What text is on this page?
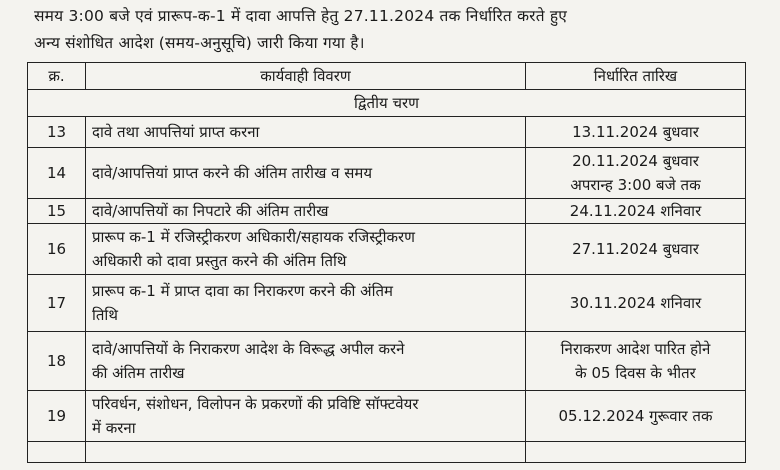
समय 3:00 बजे एवं प्रारूप-क-1 में दावा आपत्ति हेतु 27.11.2024 तक निर्धारित करते हुए
अन्य संशोधित आदेश (समय-अनुसूचि) जारी किया गया है।
क्र.	कार्यवाही विवरण	निर्धारित तारिख
द्वितीय चरण		
13	दावे तथा आपत्तियां प्राप्त करना	13.11.2024 बुधवार

14	दावे/आपत्तियां प्राप्त करने की अंतिम तारीख व समय	20.11.2024 बुधवार
अपरान्ह 3:00 बजे तक

15	दावे/आपत्तियों का निपटारे की अंतिम तारीख	24.11.2024 शनिवार

16	प्रारूप क-1 में रजिस्ट्रीकरण अधिकारी/सहायक रजिस्ट्रीकरण
अधिकारी को दावा प्रस्तुत करने की अंतिम तिथि	27.11.2024 बुधवार

17	प्रारूप क-1 में प्राप्त दावा का निराकरण करने की अंतिम
तिथि	30.11.2024 शनिवार

18	दावे/आपत्तियों के निराकरण आदेश के विरूद्ध अपील करने
की अंतिम तारीख	निराकरण आदेश पारित होने
के 05 दिवस के भीतर

19	परिवर्धन, संशोधन, विलोपन के प्रकरणों की प्रविष्टि सॉफ्टवेयर
में करना	05.12.2024 गुरूवार तक
